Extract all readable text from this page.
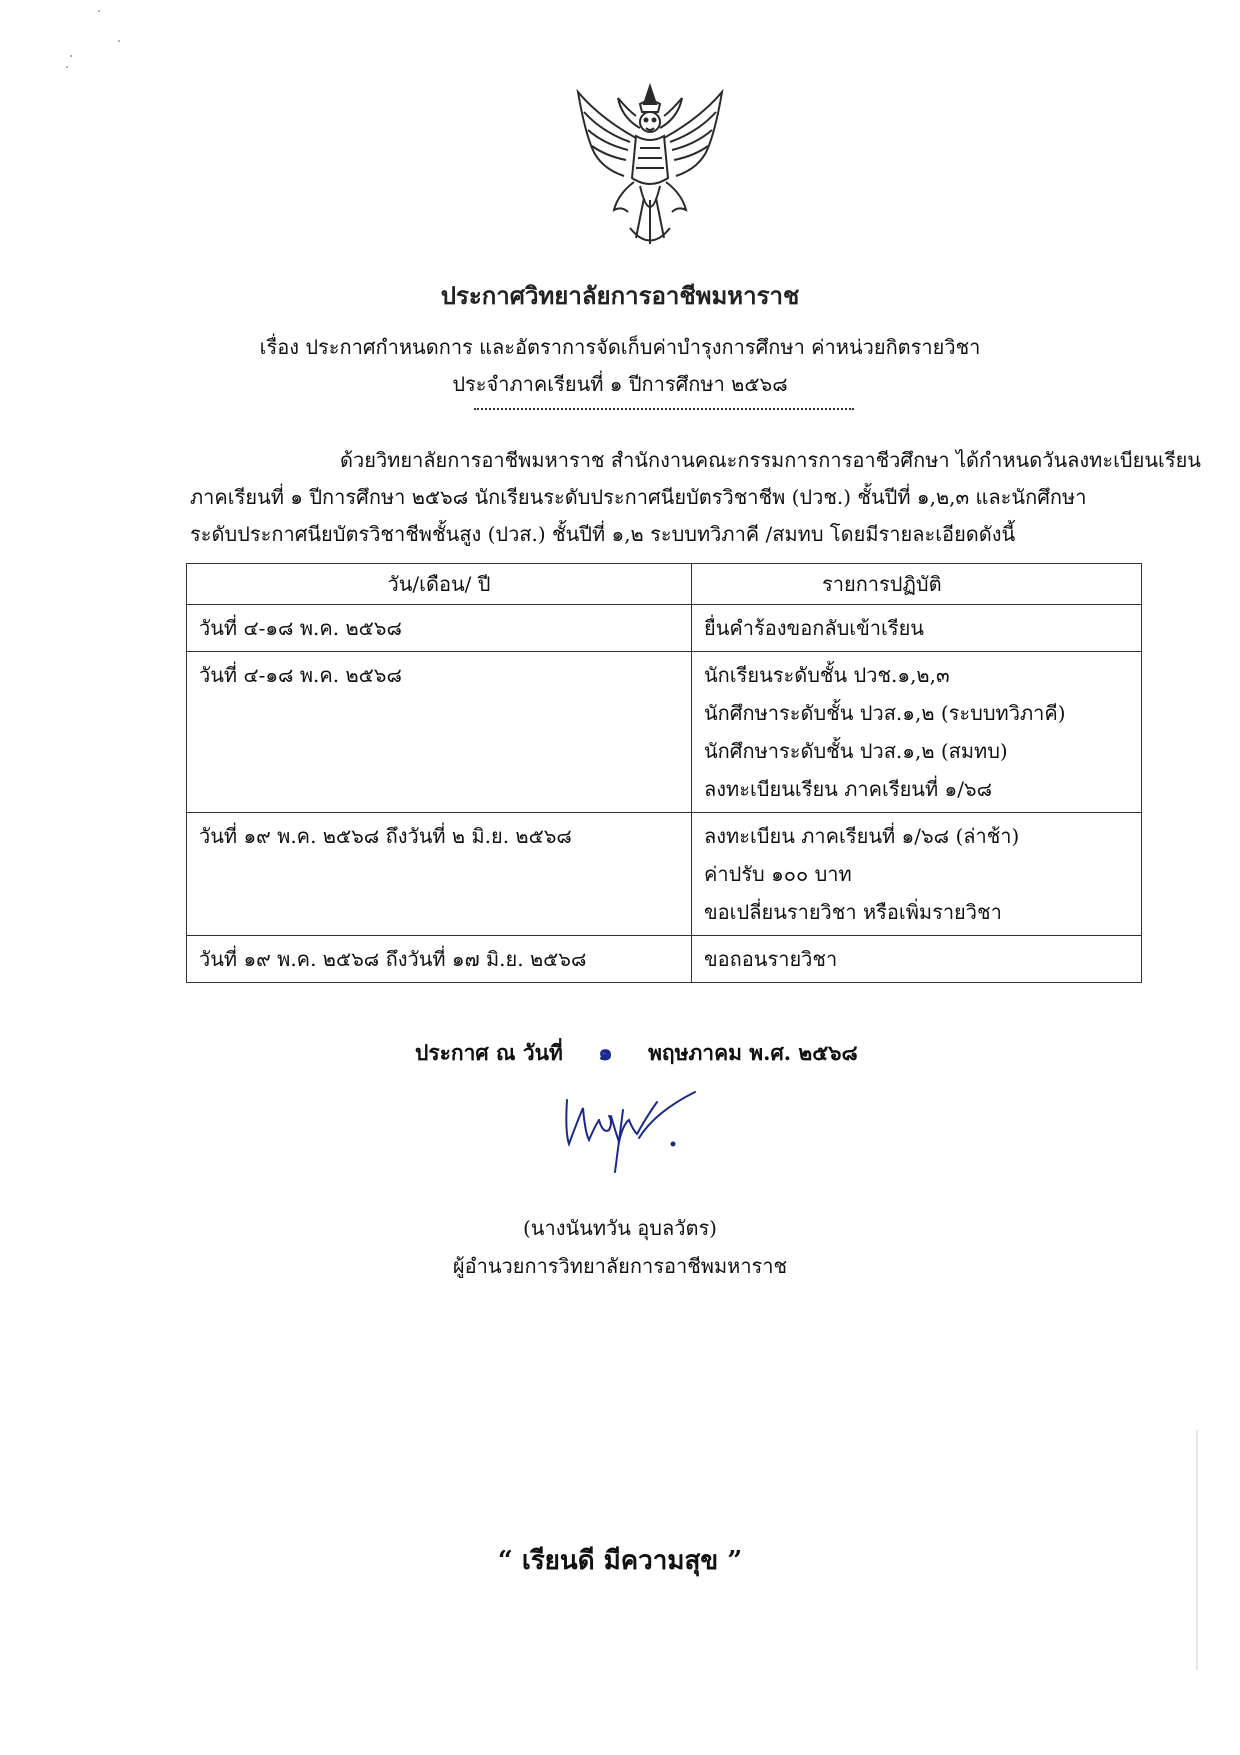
ประกาศวิทยาลัยการอาชีพมหาราช
เรื่อง ประกาศกำหนดการ และอัตราการจัดเก็บค่าบำรุงการศึกษา ค่าหน่วยกิตรายวิชา
ประจำภาคเรียนที่ ๑ ปีการศึกษา ๒๕๖๘
ด้วยวิทยาลัยการอาชีพมหาราช สำนักงานคณะกรรมการการอาชีวศึกษา ได้กำหนดวันลงทะเบียนเรียน
ภาคเรียนที่ ๑ ปีการศึกษา ๒๕๖๘ นักเรียนระดับประกาศนียบัตรวิชาชีพ (ปวช.) ชั้นปีที่ ๑,๒,๓ และนักศึกษา
ระดับประกาศนียบัตรวิชาชีพชั้นสูง (ปวส.) ชั้นปีที่ ๑,๒ ระบบทวิภาคี /สมทบ โดยมีรายละเอียดดังนี้
วัน/เดือน/ ปี	รายการปฏิบัติ
วันที่ ๔-๑๘ พ.ค. ๒๕๖๘	ยื่นคำร้องขอกลับเข้าเรียน

วันที่ ๔-๑๘ พ.ค. ๒๕๖๘	นักเรียนระดับชั้น ปวช.๑,๒,๓
นักศึกษาระดับชั้น ปวส.๑,๒ (ระบบทวิภาคี)
นักศึกษาระดับชั้น ปวส.๑,๒ (สมทบ)
ลงทะเบียนเรียน ภาคเรียนที่ ๑/๖๘

วันที่ ๑๙ พ.ค. ๒๕๖๘ ถึงวันที่ ๒ มิ.ย. ๒๕๖๘	ลงทะเบียน ภาคเรียนที่ ๑/๖๘ (ล่าช้า)
ค่าปรับ ๑๐๐ บาท
ขอเปลี่ยนรายวิชา หรือเพิ่มรายวิชา

วันที่ ๑๙ พ.ค. ๒๕๖๘ ถึงวันที่ ๑๗ มิ.ย. ๒๕๖๘	ขอถอนรายวิชา
ประกาศ ณ วันที่ ๑ พฤษภาคม พ.ศ. ๒๕๖๘
(นางนันทวัน อุบลวัตร)
ผู้อำนวยการวิทยาลัยการอาชีพมหาราช
“ เรียนดี มีความสุข ”
